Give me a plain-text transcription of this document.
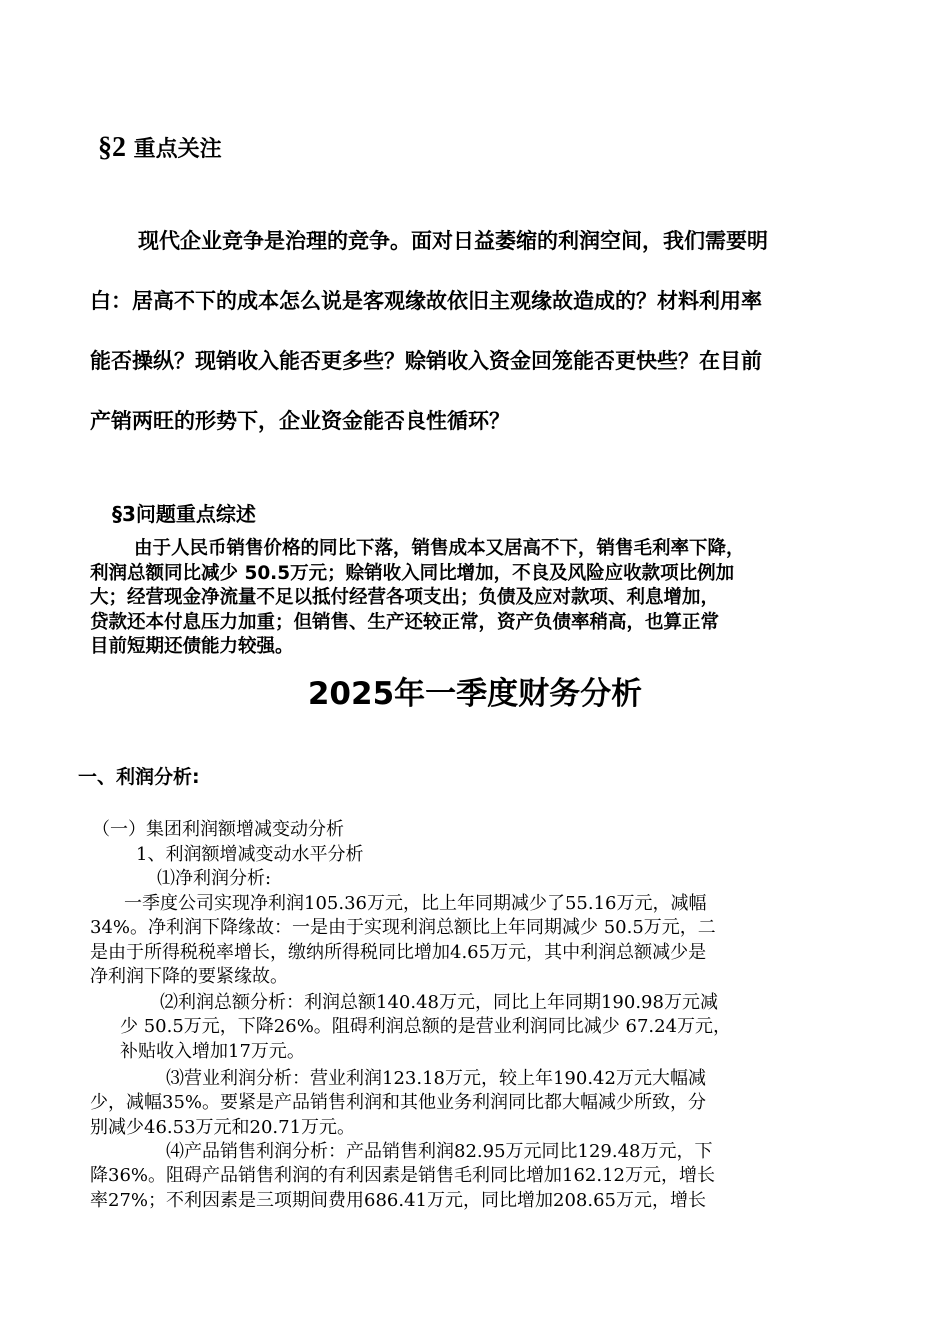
§2 重点关注
现代企业竞争是治理的竞争。面对日益萎缩的利润空间，我们需要明
白：居高不下的成本怎么说是客观缘故依旧主观缘故造成的？材料利用率
能否操纵？现销收入能否更多些？赊销收入资金回笼能否更快些？在目前
产销两旺的形势下，企业资金能否良性循环？
§3问题重点综述
由于人民币销售价格的同比下落，销售成本又居高不下，销售毛利率下降，
利润总额同比减少 50.5万元；赊销收入同比增加，不良及风险应收款项比例加
大；经营现金净流量不足以抵付经营各项支出；负债及应对款项、利息增加，
贷款还本付息压力加重；但销售、生产还较正常，资产负债率稍高，也算正常
目前短期还债能力较强。
2025年一季度财务分析
一、利润分析:
（一）集团利润额增减变动分析
1、利润额增减变动水平分析
⑴净利润分析:
一季度公司实现净利润105.36万元，比上年同期减少了55.16万元，减幅
34%。净利润下降缘故：一是由于实现利润总额比上年同期减少 50.5万元，二
是由于所得税税率增长，缴纳所得税同比增加4.65万元，其中利润总额减少是
净利润下降的要紧缘故。
⑵利润总额分析：利润总额140.48万元，同比上年同期190.98万元减
少 50.5万元，下降26%。阻碍利润总额的是营业利润同比减少 67.24万元，
补贴收入增加17万元。
⑶营业利润分析：营业利润123.18万元，较上年190.42万元大幅减
少，减幅35%。要紧是产品销售利润和其他业务利润同比都大幅减少所致，分
别减少46.53万元和20.71万元。
⑷产品销售利润分析：产品销售利润82.95万元同比129.48万元，下
降36%。阻碍产品销售利润的有利因素是销售毛利同比增加162.12万元，增长
率27%；不利因素是三项期间费用686.41万元，同比增加208.65万元，增长
